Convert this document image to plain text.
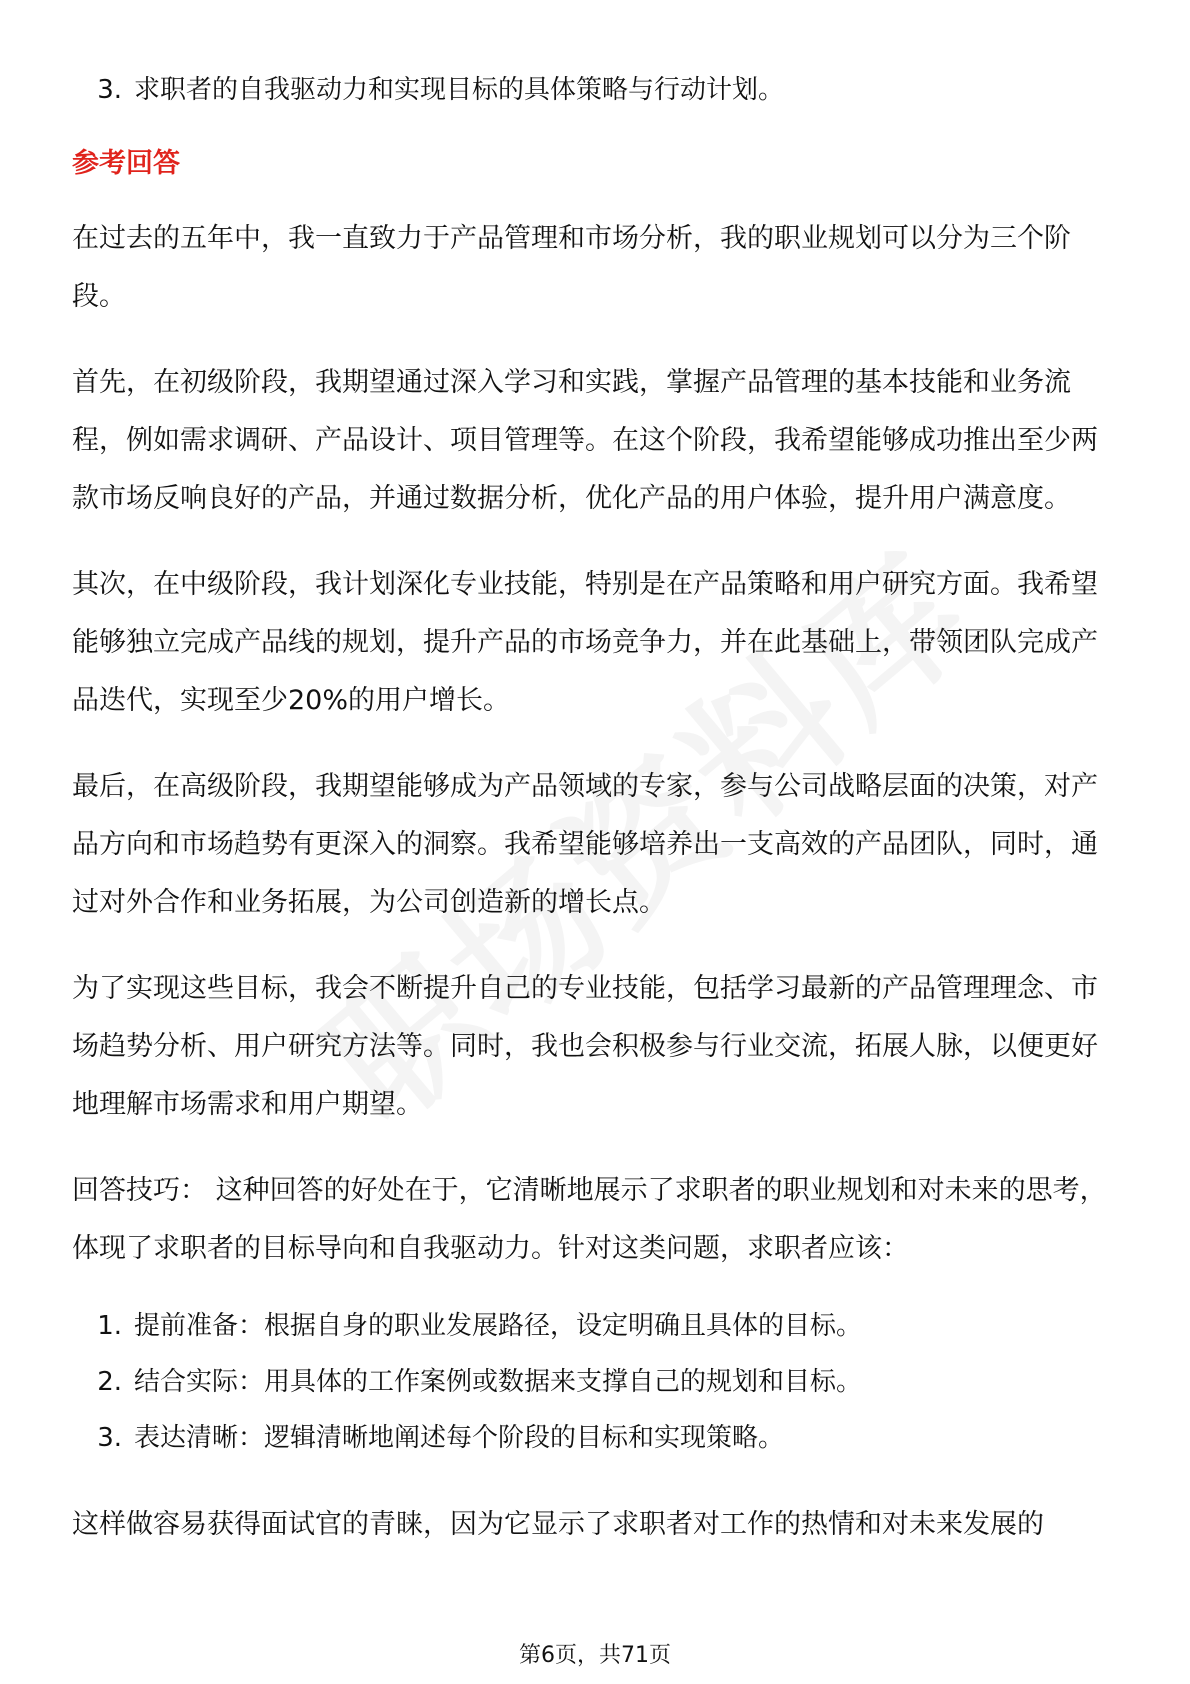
3. 求职者的自我驱动力和实现目标的具体策略与行动计划。
参考回答

在过去的五年中，我一直致力于产品管理和市场分析，我的职业规划可以分为三个阶段。

首先，在初级阶段，我期望通过深入学习和实践，掌握产品管理的基本技能和业务流程，例如需求调研、产品设计、项目管理等。在这个阶段，我希望能够成功推出至少两款市场反响良好的产品，并通过数据分析，优化产品的用户体验，提升用户满意度。

其次，在中级阶段，我计划深化专业技能，特别是在产品策略和用户研究方面。我希望能够独立完成产品线的规划，提升产品的市场竞争力，并在此基础上，带领团队完成产品迭代，实现至少20%的用户增长。

最后，在高级阶段，我期望能够成为产品领域的专家，参与公司战略层面的决策，对产品方向和市场趋势有更深入的洞察。我希望能够培养出一支高效的产品团队，同时，通过对外合作和业务拓展，为公司创造新的增长点。

为了实现这些目标，我会不断提升自己的专业技能，包括学习最新的产品管理理念、市场趋势分析、用户研究方法等。同时，我也会积极参与行业交流，拓展人脉，以便更好地理解市场需求和用户期望。

回答技巧： 这种回答的好处在于，它清晰地展示了求职者的职业规划和对未来的思考，体现了求职者的目标导向和自我驱动力。针对这类问题，求职者应该：

1. 提前准备：根据自身的职业发展路径，设定明确且具体的目标。
2. 结合实际：用具体的工作案例或数据来支撑自己的规划和目标。
3. 表达清晰：逻辑清晰地阐述每个阶段的目标和实现策略。

这样做容易获得面试官的青睐，因为它显示了求职者对工作的热情和对未来发展的

第6页，共71页
